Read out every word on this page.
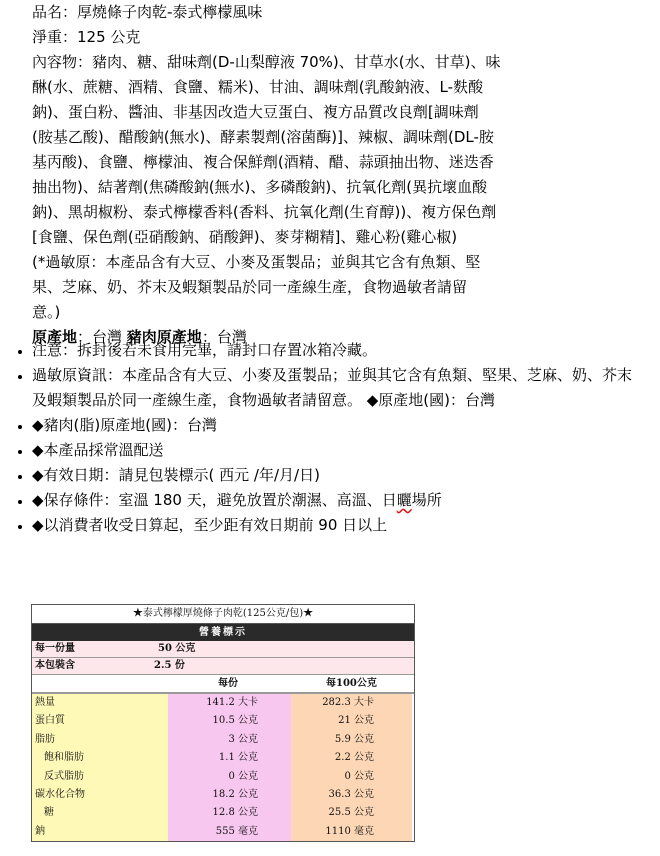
品名：厚燒條子肉乾-泰式檸檬風味

淨重：125 公克

內容物：豬肉、糖、甜味劑(D-山梨醇液 70%)、甘草水(水、甘草)、味

醂(水、蔗糖、酒精、食鹽、糯米)、甘油、調味劑(乳酸鈉液、L-麩酸

鈉)、蛋白粉、醬油、非基因改造大豆蛋白、複方品質改良劑[調味劑

(胺基乙酸)、醋酸鈉(無水)、酵素製劑(溶菌酶)]、辣椒、調味劑(DL-胺

基丙酸)、食鹽、檸檬油、複合保鮮劑(酒精、醋、蒜頭抽出物、迷迭香

抽出物)、結著劑(焦磷酸鈉(無水)、多磷酸鈉)、抗氧化劑(異抗壞血酸

鈉)、黑胡椒粉、泰式檸檬香料(香料、抗氧化劑(生育醇))、複方保色劑

[食鹽、保色劑(亞硝酸鈉、硝酸鉀)、麥芽糊精]、雞心粉(雞心椒)

(*過敏原：本產品含有大豆、小麥及蛋製品；並與其它含有魚類、堅

果、芝麻、奶、芥末及蝦類製品於同一產線生產，食物過敏者請留

意。)

原產地：台灣 豬肉原產地：台灣

• 注意：拆封後若未食用完畢，請封口存置冰箱冷藏。
• 過敏原資訊：本產品含有大豆、小麥及蛋製品；並與其它含有魚類、堅果、芝麻、奶、芥末及蝦類製品於同一產線生產，食物過敏者請留意。 ◆原產地(國)：台灣
• ◆豬肉(脂)原產地(國)：台灣
• ◆本產品採常溫配送
• ◆有效日期：請見包裝標示( 西元 /年/月/日)
• ◆保存條件：室溫 180 天，避免放置於潮濕、高溫、日曬場所
• ◆以消費者收受日算起，至少距有效日期前 90 日以上
★泰式檸檬厚燒條子肉乾(125公克/包)★
營養標示
每一份量	50 公克
本包裝含	2.5 份
每份	每100公克
熱量	141.2 大卡	282.3 大卡
蛋白質	10.5 公克	21 公克
脂肪	3 公克	5.9 公克
飽和脂肪	1.1 公克	2.2 公克
反式脂肪	0 公克	0 公克
碳水化合物	18.2 公克	36.3 公克
糖	12.8 公克	25.5 公克
鈉	555 毫克	1110 毫克
